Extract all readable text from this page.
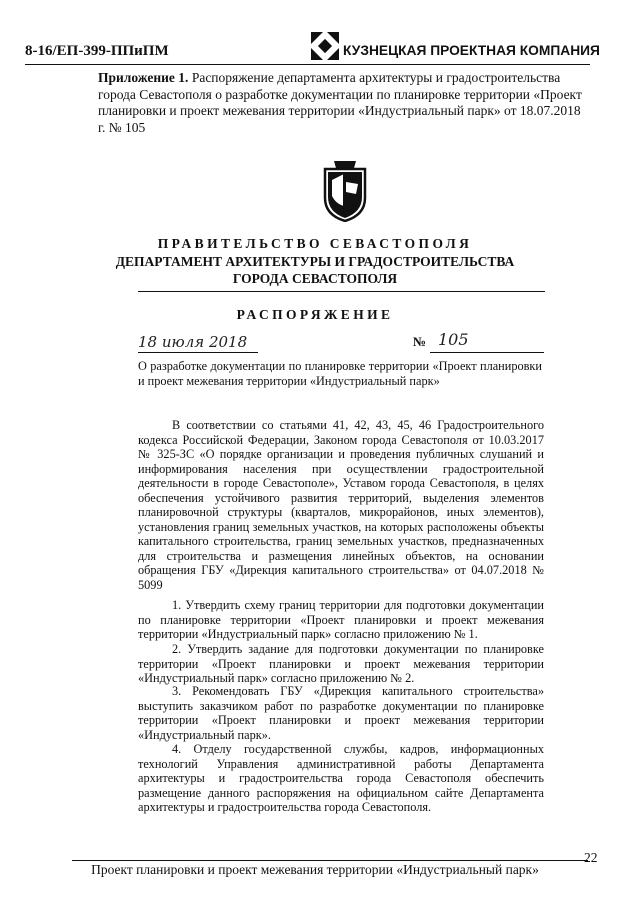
8-16/ЕП-399-ППиПМ	КУЗНЕЦКАЯ ПРОЕКТНАЯ КОМПАНИЯ
Приложение 1. Распоряжение департамента архитектуры и градостроительства города Севастополя о разработке документации по планировке территории «Проект планировки и проект межевания территории «Индустриальный парк» от 18.07.2018 г. № 105
ПРАВИТЕЛЬСТВО СЕВАСТОПОЛЯ
ДЕПАРТАМЕНТ АРХИТЕКТУРЫ И ГРАДОСТРОИТЕЛЬСТВА
ГОРОДА СЕВАСТОПОЛЯ
РАСПОРЯЖЕНИЕ
18 июля 2018	№ 105
О разработке документации по планировке территории «Проект планировки и проект межевания территории «Индустриальный парк»
В соответствии со статьями 41, 42, 43, 45, 46 Градостроительного кодекса Российской Федерации, Законом города Севастополя от 10.03.2017 № 325-ЗС «О порядке организации и проведения публичных слушаний и информирования населения при осуществлении градостроительной деятельности в городе Севастополе», Уставом города Севастополя, в целях обеспечения устойчивого развития территорий, выделения элементов планировочной структуры (кварталов, микрорайонов, иных элементов), установления границ земельных участков, на которых расположены объекты капитального строительства, границ земельных участков, предназначенных для строительства и размещения линейных объектов, на основании обращения ГБУ «Дирекция капитального строительства» от 04.07.2018 № 5099
1. Утвердить схему границ территории для подготовки документации по планировке территории «Проект планировки и проект межевания территории «Индустриальный парк» согласно приложению № 1.
2. Утвердить задание для подготовки документации по планировке территории «Проект планировки и проект межевания территории «Индустриальный парк» согласно приложению № 2.
3. Рекомендовать ГБУ «Дирекция капитального строительства» выступить заказчиком работ по разработке документации по планировке территории «Проект планировки и проект межевания территории «Индустриальный парк».
4. Отделу государственной службы, кадров, информационных технологий Управления административной работы Департамента архитектуры и градостроительства города Севастополя обеспечить размещение данного распоряжения на официальном сайте Департамента архитектуры и градостроительства города Севастополя.
22
Проект планировки и проект межевания территории «Индустриальный парк»
